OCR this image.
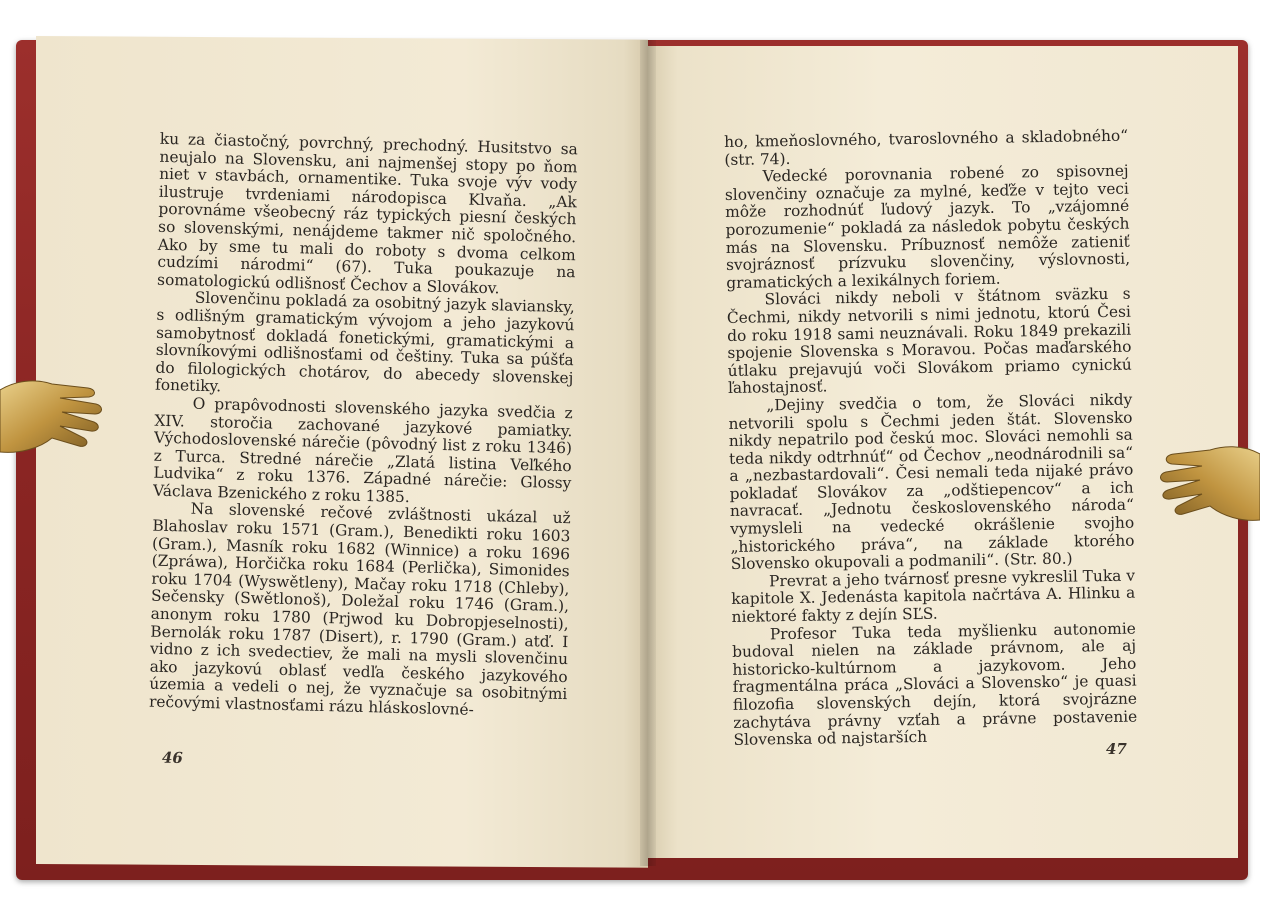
ku za čiastočný, povrchný, prechodný. Husitstvo sa neujalo na Slovensku, ani najmenšej stopy po ňom niet v stavbách, ornamentike. Tuka svoje výv vody ilustruje tvrdeniami národopisca Klvaňa. „Ak porovnáme všeobecný ráz typických piesní českých so slovenskými, nenájdeme takmer nič spoločného. Ako by sme tu mali do roboty s dvoma celkom cudzími národmi“ (67). Tuka poukazuje na somatologickú odlišnosť Čechov a Slovákov.

Slovenčinu pokladá za osobitný jazyk slaviansky, s odlišným gramatickým vývojom a jeho jazykovú samobytnosť dokladá fonetickými, gramatickými a slovníkovými odlišnosťami od češtiny. Tuka sa púšťa do filologických chotárov, do abecedy slovenskej fonetiky.

O prapôvodnosti slovenského jazyka svedčia z XIV. storočia zachované jazykové pamiatky. Východoslovenské nárečie (pôvodný list z roku 1346) z Turca. Stredné nárečie „Zlatá listina Veľkého Ludvika“ z roku 1376. Západné nárečie: Glossy Václava Bzenického z roku 1385.

Na slovenské rečové zvláštnosti ukázal už Blahoslav roku 1571 (Gram.), Benedikti roku 1603 (Gram.), Masník roku 1682 (Winnice) a roku 1696 (Zpráwa), Horčička roku 1684 (Perlička), Simonides roku 1704 (Wyswětleny), Mačay roku 1718 (Chleby), Sečensky (Swětlonoš), Doležal roku 1746 (Gram.), anonym roku 1780 (Prjwod ku Dobropjeselnosti), Bernolák roku 1787 (Disert), r. 1790 (Gram.) atď. I vidno z ich svedectiev, že mali na mysli slovenčinu ako jazykovú oblasť vedľa českého jazykového územia a vedeli o nej, že vyznačuje sa osobitnými rečovými vlastnosťami rázu hláskoslovné-

46

ho, kmeňoslovného, tvaroslovného a skladobného“ (str. 74).

Vedecké porovnania robené zo spisovnej slovenčiny označuje za mylné, keďže v tejto veci môže rozhodnúť ľudový jazyk. To „vzájomné porozumenie“ pokladá za následok pobytu českých más na Slovensku. Príbuznosť nemôže zatieniť svojráznosť prízvuku slovenčiny, výslovnosti, gramatických a lexikálnych foriem.

Slováci nikdy neboli v štátnom sväzku s Čechmi, nikdy netvorili s nimi jednotu, ktorú Česi do roku 1918 sami neuznávali. Roku 1849 prekazili spojenie Slovenska s Moravou. Počas maďarského útlaku prejavujú voči Slovákom priamo cynickú ľahostajnosť.

„Dejiny svedčia o tom, že Slováci nikdy netvorili spolu s Čechmi jeden štát. Slovensko nikdy nepatrilo pod českú moc. Slováci nemohli sa teda nikdy odtrhnúť“ od Čechov „neodnárodnili sa“ a „nezbastardovali“. Česi nemali teda nijaké právo pokladať Slovákov za „odštiepencov“ a ich navracať. „Jednotu československého národa“ vymysleli na vedecké okrášlenie svojho „historického práva“, na základe ktorého Slovensko okupovali a podmanili“. (Str. 80.)

Prevrat a jeho tvárnosť presne vykreslil Tuka v kapitole X. Jedenásta kapitola načrtáva A. Hlinku a niektoré fakty z dejín SĽS.

Profesor Tuka teda myšlienku autonomie budoval nielen na základe právnom, ale aj historicko-kultúrnom a jazykovom. Jeho fragmentálna práca „Slováci a Slovensko“ je quasi filozofia slovenských dejín, ktorá svojrázne zachytáva právny vzťah a právne postavenie Slovenska od najstarších	47
